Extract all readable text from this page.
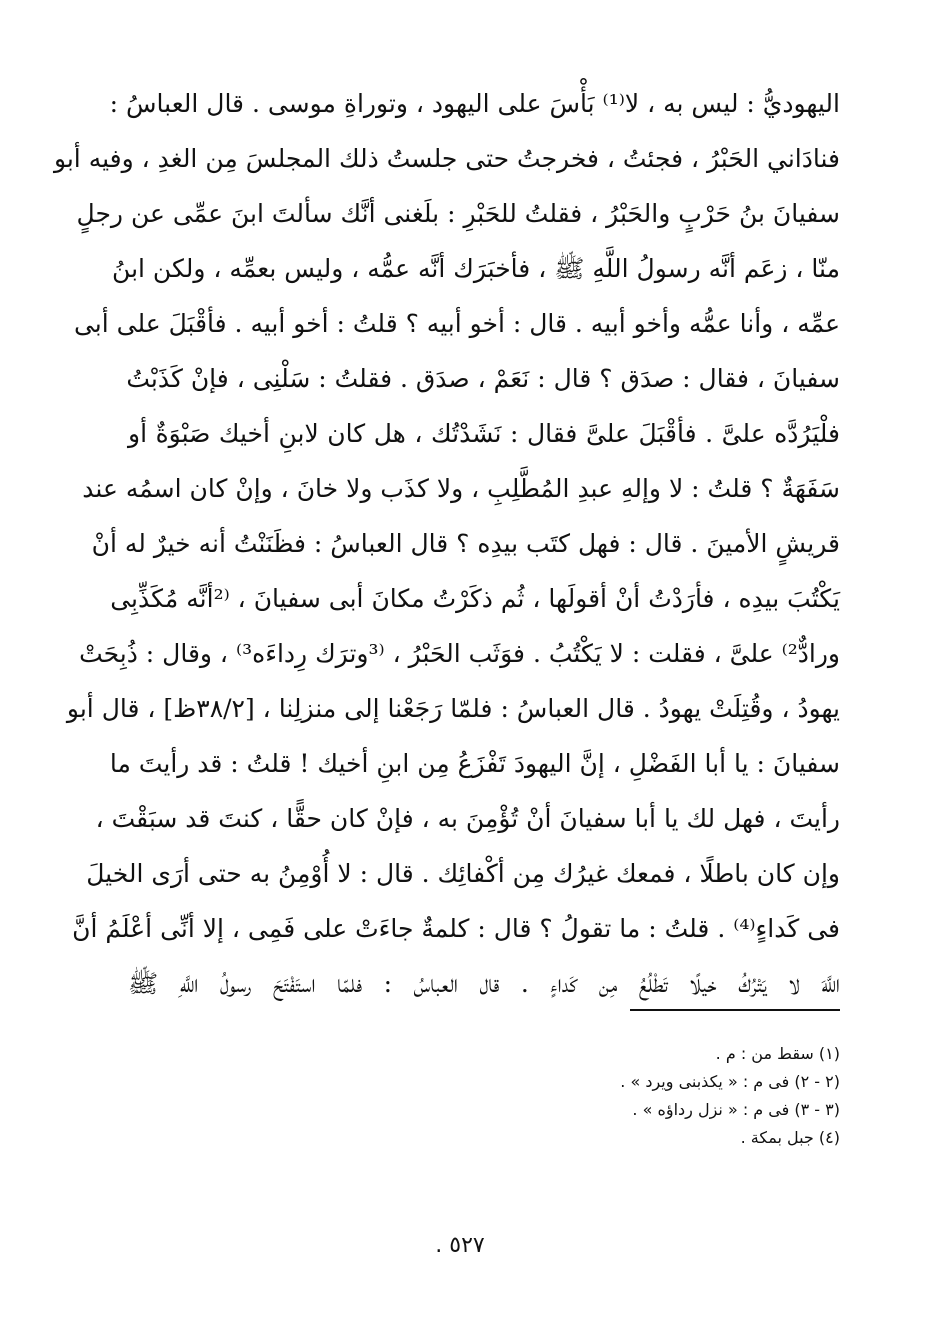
اليهوديُّ : ليس به ، لا⁽¹⁾ بَأْسَ على اليهود ، وتوراةِ موسى . قال العباسُ :
فنادَاني الحَبْرُ ، فجئتُ ، فخرجتُ حتى جلستُ ذلك المجلسَ مِن الغدِ ، وفيه أبو
سفيانَ بنُ حَرْبٍ والحَبْرُ ، فقلتُ للحَبْرِ : بلَغنى أنَّك سألتَ ابنَ عمِّى عن رجلٍ
منّا ، زعَم أنَّه رسولُ اللَّهِ ﷺ ، فأخبَرَك أنَّه عمُّه ، وليس بعمِّه ، ولكن ابنُ
عمِّه ، وأنا عمُّه وأخو أبيه . قال : أخو أبيه ؟ قلتُ : أخو أبيه . فأقْبَلَ على أبى
سفيانَ ، فقال : صدَق ؟ قال : نَعَمْ ، صدَق . فقلتُ : سَلْنِى ، فإنْ كَذَبْتُ
فلْيَرُدَّه علىَّ . فأقْبَلَ علىَّ فقال : نَشَدْتُك ، هل كان لابنِ أخيك صَبْوَةٌ أو
سَفَهَةٌ ؟ قلتُ : لا وإلهِ عبدِ المُطَّلِبِ ، ولا كذَب ولا خانَ ، وإنْ كان اسمُه عند
قريشٍ الأمينَ . قال : فهل كتَب بيدِه ؟ قال العباسُ : فظَنَنْتُ أنه خيرٌ له أنْ
يَكْتُبَ بيدِه ، فأرَدْتُ أنْ أقولَها ، ثُم ذكَرْتُ مكانَ أبى سفيانَ ، ⁽²أنَّه مُكَذِّبِى
ورادٌّ²⁾ علىَّ ، فقلت : لا يَكْتُبُ . فوَثَب الحَبْرُ ، ⁽³وترَك رِداءَه³⁾ ، وقال : ذُبِحَتْ
يهودُ ، وقُتِلَتْ يهودُ . قال العباسُ : فلمّا رَجَعْنا إلى منزلِنا ، [٣٨/٢ظ] ، قال أبو
سفيانَ : يا أبا الفَضْلِ ، إنَّ اليهودَ تَفْزَعُ مِن ابنِ أخيك ! قلتُ : قد رأيتَ ما
رأيتَ ، فهل لك يا أبا سفيانَ أنْ تُؤْمِنَ به ، فإنْ كان حقًّا ، كنتَ قد سبَقْتَ ،
وإن كان باطلًا ، فمعك غيرُك مِن أكْفائِك . قال : لا أُوْمِنُ به حتى أرَى الخيلَ
فى كَداءٍ⁽⁴⁾ . قلتُ : ما تقولُ ؟ قال : كلمةٌ جاءَتْ على فَمِى ، إلا أنِّى أعْلَمُ أنَّ
اللَّهَ لا يَتْرُكُ خيلًا تَطْلُعُ مِن كَداءٍ . قال العباسُ : فلمّا استَفْتَحَ رسولُ اللَّهِ ﷺ
(١) سقط من : م .
(٢ - ٢) فى م : « يكذبنى ويرد » .
(٣ - ٣) فى م : « نزل رداؤه » .
(٤) جبل بمكة .
٥٢٧ .
